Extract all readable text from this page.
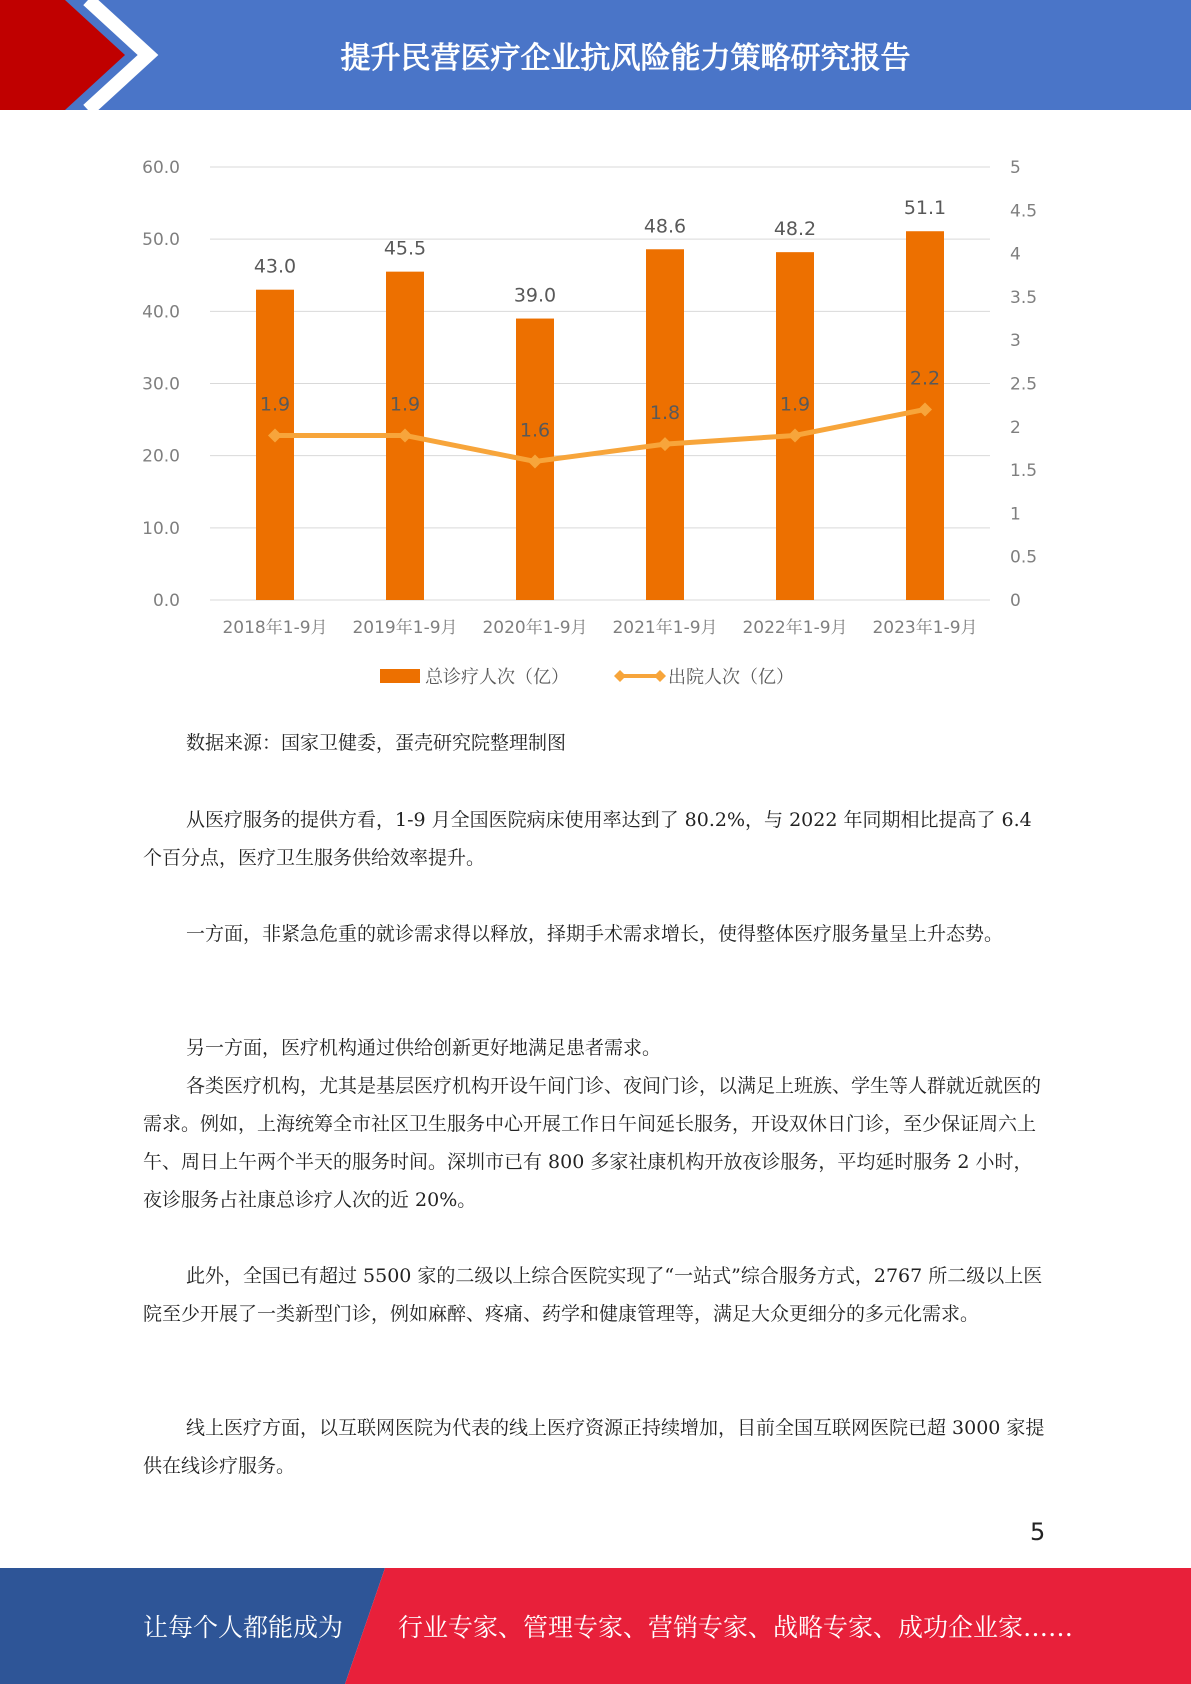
提升民营医疗企业抗风险能力策略研究报告
0.0
10.0
20.0
30.0
40.0
50.0
60.0
0
0.5
1
1.5
2
2.5
3
3.5
4
4.5
5
43.0
45.5
39.0
48.6	48.2
51.1
1.9	1.9
1.6
1.8	1.9
2.2
2018年1-9月 2019年1-9月 2020年1-9月 2021年1-9月 2022年1-9月 2023年1-9月
总诊疗人次（亿）	出院人次（亿）
数据来源：国家卫健委，蛋壳研究院整理制图

从医疗服务的提供方看，1-9 月全国医院病床使用率达到了 80.2%，与 2022 年同期相比提高了 6.4 个百分点，医疗卫生服务供给效率提升。

一方面，非紧急危重的就诊需求得以释放，择期手术需求增长，使得整体医疗服务量呈上升态势。

另一方面，医疗机构通过供给创新更好地满足患者需求。

各类医疗机构，尤其是基层医疗机构开设午间门诊、夜间门诊，以满足上班族、学生等人群就近就医的需求。例如，上海统筹全市社区卫生服务中心开展工作日午间延长服务，开设双休日门诊，至少保证周六上午、周日上午两个半天的服务时间。深圳市已有 800 多家社康机构开放夜诊服务，平均延时服务 2 小时，夜诊服务占社康总诊疗人次的近 20%。

此外，全国已有超过 5500 家的二级以上综合医院实现了“一站式”综合服务方式，2767 所二级以上医院至少开展了一类新型门诊，例如麻醉、疼痛、药学和健康管理等，满足大众更细分的多元化需求。

线上医疗方面，以互联网医院为代表的线上医疗资源正持续增加，目前全国互联网医院已超 3000 家提供在线诊疗服务。

5
让每个人都能成为 行业专家、管理专家、营销专家、战略专家、成功企业家……
